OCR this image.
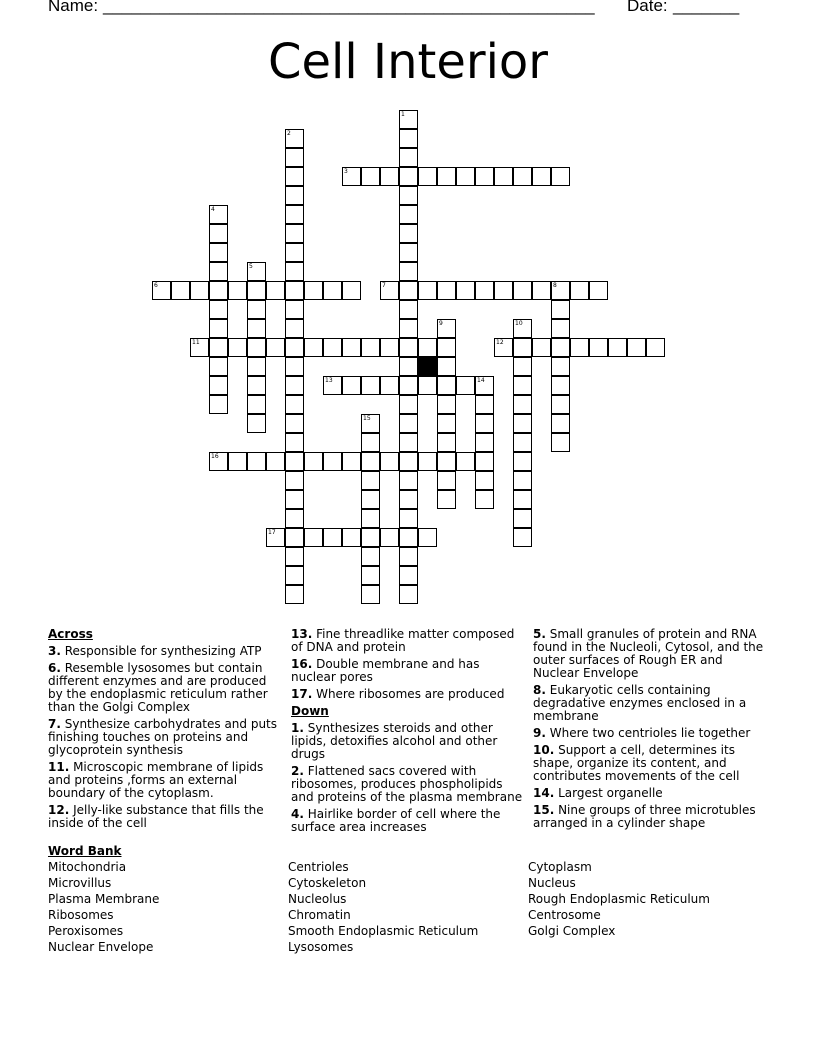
Name: ____________________________________________________ Date: _______
Cell Interior
1
2
3
4
5
6	7	8
9	10
11	12
13	14
15
16
17
Across
3. Responsible for synthesizing ATP
6. Resemble lysosomes but contain different enzymes and are produced by the endoplasmic reticulum rather than the Golgi Complex
7. Synthesize carbohydrates and puts finishing touches on proteins and glycoprotein synthesis
11. Microscopic membrane of lipids and proteins ,forms an external boundary of the cytoplasm.
12. Jelly-like substance that fills the inside of the cell
13. Fine threadlike matter composed of DNA and protein
16. Double membrane and has nuclear pores
17. Where ribosomes are produced
Down
1. Synthesizes steroids and other lipids, detoxifies alcohol and other drugs
2. Flattened sacs covered with ribosomes, produces phospholipids and proteins of the plasma membrane
4. Hairlike border of cell where the surface area increases
5. Small granules of protein and RNA found in the Nucleoli, Cytosol, and the outer surfaces of Rough ER and Nuclear Envelope
8. Eukaryotic cells containing degradative enzymes enclosed in a membrane
9. Where two centrioles lie together
10. Support a cell, determines its shape, organize its content, and contributes movements of the cell
14. Largest organelle
15. Nine groups of three microtubles arranged in a cylinder shape
Word Bank
Mitochondria
Microvillus
Plasma Membrane
Ribosomes
Peroxisomes
Nuclear Envelope
Centrioles
Cytoskeleton
Nucleolus
Chromatin
Smooth Endoplasmic Reticulum
Lysosomes
Cytoplasm
Nucleus
Rough Endoplasmic Reticulum
Centrosome
Golgi Complex
